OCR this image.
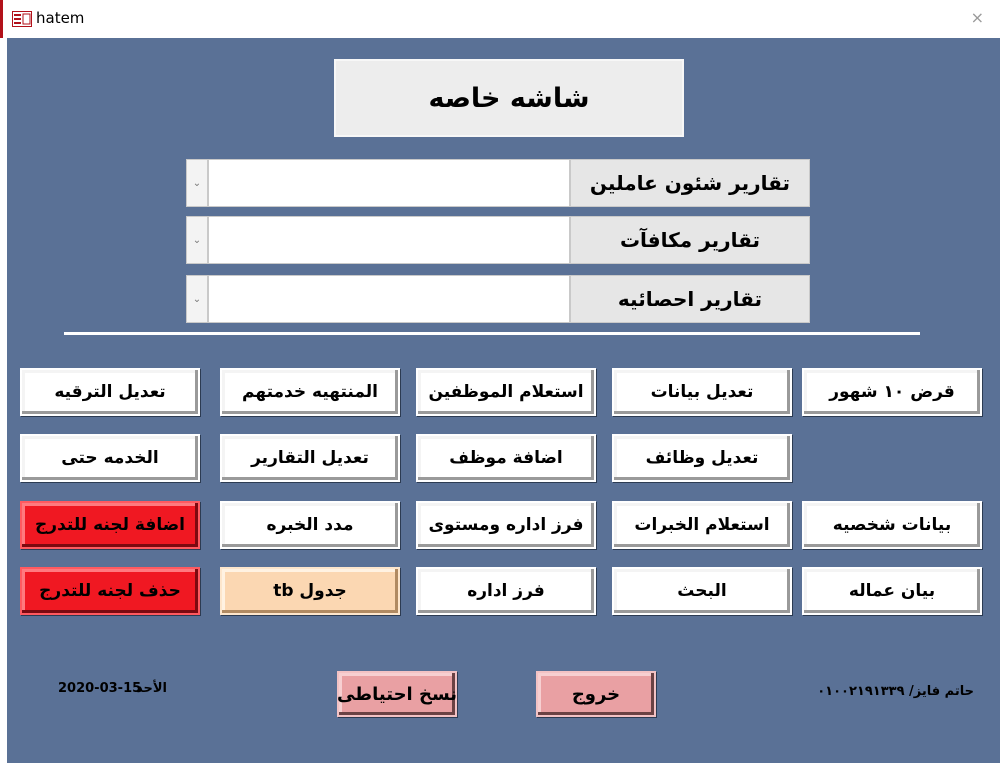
hatem	×
شاشه خاصه
⌄	تقارير شئون عاملين
⌄	تقارير مكافآت
⌄	تقارير احصائيه
قرض ١٠ شهور
تعديل بيانات
استعلام الموظفين
المنتهيه خدمتهم
تعديل الترقيه
تعديل وظائف
اضافة موظف
تعديل التقارير
الخدمه حتى
بيانات شخصيه
استعلام الخبرات
فرز اداره ومستوى
مدد الخبره
اضافة لجنه للتدرج
بيان عماله
البحث
فرز اداره
جدول tb
حذف لجنه للتدرج
خروج
نسخ احتياطى	حاتم فايز/ ٠١٠٠٢١٩١٣٣٩
الأحد
2020-03-15
